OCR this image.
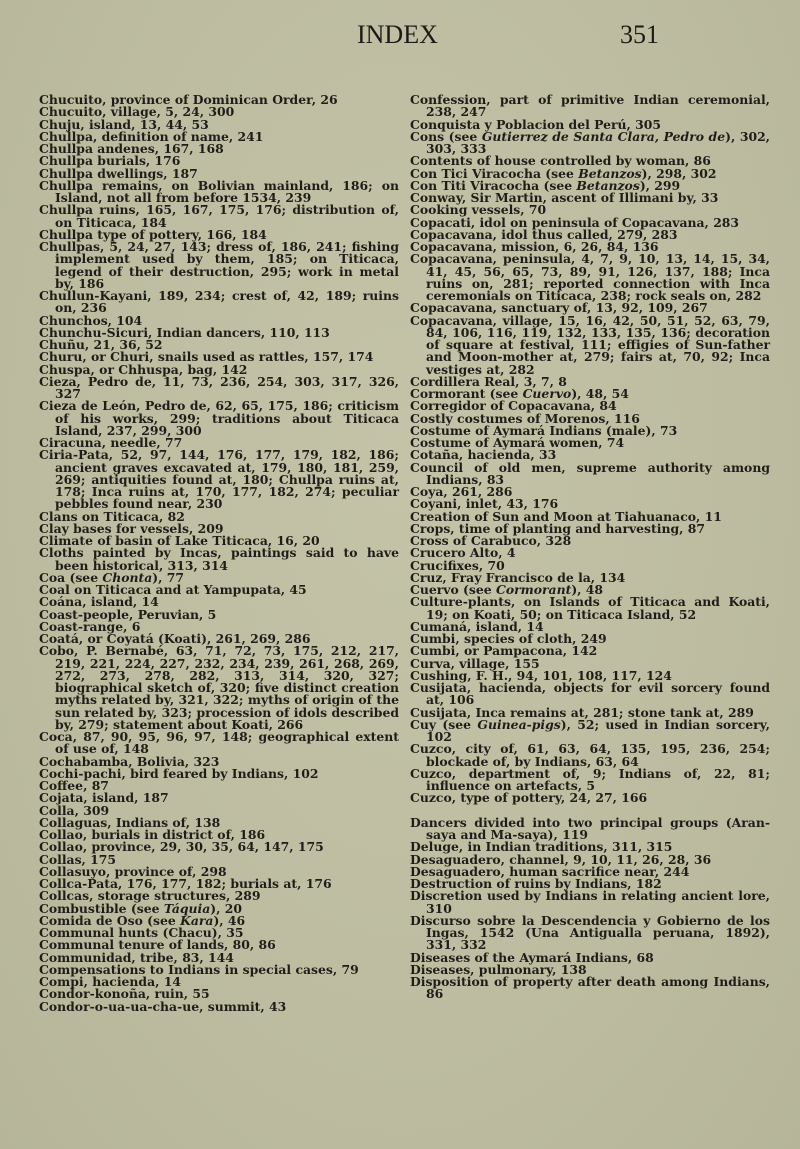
INDEX	351

Chucuito, province of Dominican Order, 26

Chucuito, village, 5, 24, 300

Chuju, island, 13, 44, 53

Chullpa, definition of name, 241

Chullpa andenes, 167, 168

Chullpa burials, 176

Chullpa dwellings, 187

Chullpa remains, on Bolivian mainland, 186; on Island, not all from before 1534, 239

Chullpa ruins, 165, 167, 175, 176; distribution of, on Titicaca, 184

Chullpa type of pottery, 166, 184

Chullpas, 5, 24, 27, 143; dress of, 186, 241; fishing implement used by them, 185; on Titicaca, legend of their destruction, 295; work in metal by, 186

Chullun-Kayani, 189, 234; crest of, 42, 189; ruins on, 236

Chunchos, 104

Chunchu-Sicuri, Indian dancers, 110, 113

Chuñu, 21, 36, 52

Churu, or Churi, snails used as rattles, 157, 174

Chuspa, or Chhuspa, bag, 142

Cieza, Pedro de, 11, 73, 236, 254, 303, 317, 326, 327

Cieza de León, Pedro de, 62, 65, 175, 186; criticism of his works, 299; traditions about Titicaca Island, 237, 299, 300

Ciracuna, needle, 77

Ciria-Pata, 52, 97, 144, 176, 177, 179, 182, 186; ancient graves excavated at, 179, 180, 181, 259, 269; antiquities found at, 180; Chullpa ruins at, 178; Inca ruins at, 170, 177, 182, 274; peculiar pebbles found near, 230

Clans on Titicaca, 82

Clay bases for vessels, 209

Climate of basin of Lake Titicaca, 16, 20

Cloths painted by Incas, paintings said to have been historical, 313, 314

Coa (see Chonta), 77

Coal on Titicaca and at Yampupata, 45

Coána, island, 14

Coast-people, Peruvian, 5

Coast-range, 6

Coatá, or Coyatá (Koati), 261, 269, 286

Cobo, P. Bernabé, 63, 71, 72, 73, 175, 212, 217, 219, 221, 224, 227, 232, 234, 239, 261, 268, 269, 272, 273, 278, 282, 313, 314, 320, 327; biographical sketch of, 320; five distinct creation myths related by, 321, 322; myths of origin of the sun related by, 323; procession of idols described by, 279; statement about Koati, 266

Coca, 87, 90, 95, 96, 97, 148; geographical extent of use of, 148

Cochabamba, Bolivia, 323

Cochi-pachi, bird feared by Indians, 102

Coffee, 87

Cojata, island, 187

Colla, 309

Collaguas, Indians of, 138

Collao, burials in district of, 186

Collao, province, 29, 30, 35, 64, 147, 175

Collas, 175

Collasuyo, province of, 298

Collca-Pata, 176, 177, 182; burials at, 176

Collcas, storage structures, 289

Combustible (see Táquia), 20

Comida de Oso (see Kara), 46

Communal hunts (Chacu), 35

Communal tenure of lands, 80, 86

Communidad, tribe, 83, 144

Compensations to Indians in special cases, 79

Compi, hacienda, 14

Condor-konoña, ruin, 55

Condor-o-ua-ua-cha-ue, summit, 43

Confession, part of primitive Indian ceremonial, 238, 247

Conquista y Poblacion del Perú, 305

Cons (see Gutierrez de Santa Clara, Pedro de), 302, 303, 333

Contents of house controlled by woman, 86

Con Tici Viracocha (see Betanzos), 298, 302

Con Titi Viracocha (see Betanzos), 299

Conway, Sir Martin, ascent of Illimani by, 33

Cooking vessels, 70

Copacati, idol on peninsula of Copacavana, 283

Copacavana, idol thus called, 279, 283

Copacavana, mission, 6, 26, 84, 136

Copacavana, peninsula, 4, 7, 9, 10, 13, 14, 15, 34, 41, 45, 56, 65, 73, 89, 91, 126, 137, 188; Inca ruins on, 281; reported connection with Inca ceremonials on Titicaca, 238; rock seals on, 282

Copacavana, sanctuary of, 13, 92, 109, 267

Copacavana, village, 15, 16, 42, 50, 51, 52, 63, 79, 84, 106, 116, 119, 132, 133, 135, 136; decoration of square at festival, 111; effigies of Sun-father and Moon-mother at, 279; fairs at, 70, 92; Inca vestiges at, 282

Cordillera Real, 3, 7, 8

Cormorant (see Cuervo), 48, 54

Corregidor of Copacavana, 84

Costly costumes of Morenos, 116

Costume of Aymará Indians (male), 73

Costume of Aymará women, 74

Cotaña, hacienda, 33

Council of old men, supreme authority among Indians, 83

Coya, 261, 286

Coyani, inlet, 43, 176

Creation of Sun and Moon at Tiahuanaco, 11

Crops, time of planting and harvesting, 87

Cross of Carabuco, 328

Crucero Alto, 4

Crucifixes, 70

Cruz, Fray Francisco de la, 134

Cuervo (see Cormorant), 48

Culture-plants, on Islands of Titicaca and Koati, 19; on Koati, 50; on Titicaca Island, 52

Cumaná, island, 14

Cumbi, species of cloth, 249

Cumbi, or Pampacona, 142

Curva, village, 155

Cushing, F. H., 94, 101, 108, 117, 124

Cusijata, hacienda, objects for evil sorcery found at, 106

Cusijata, Inca remains at, 281; stone tank at, 289

Cuy (see Guinea-pigs), 52; used in Indian sorcery, 102

Cuzco, city of, 61, 63, 64, 135, 195, 236, 254; blockade of, by Indians, 63, 64

Cuzco, department of, 9; Indians of, 22, 81; influence on artefacts, 5

Cuzco, type of pottery, 24, 27, 166

Dancers divided into two principal groups (Aran-saya and Ma-saya), 119

Deluge, in Indian traditions, 311, 315

Desaguadero, channel, 9, 10, 11, 26, 28, 36

Desaguadero, human sacrifice near, 244

Destruction of ruins by Indians, 182

Discretion used by Indians in relating ancient lore, 310

Discurso sobre la Descendencia y Gobierno de los Ingas, 1542 (Una Antigualla peruana, 1892), 331, 332

Diseases of the Aymará Indians, 68

Diseases, pulmonary, 138

Disposition of property after death among Indians, 86
